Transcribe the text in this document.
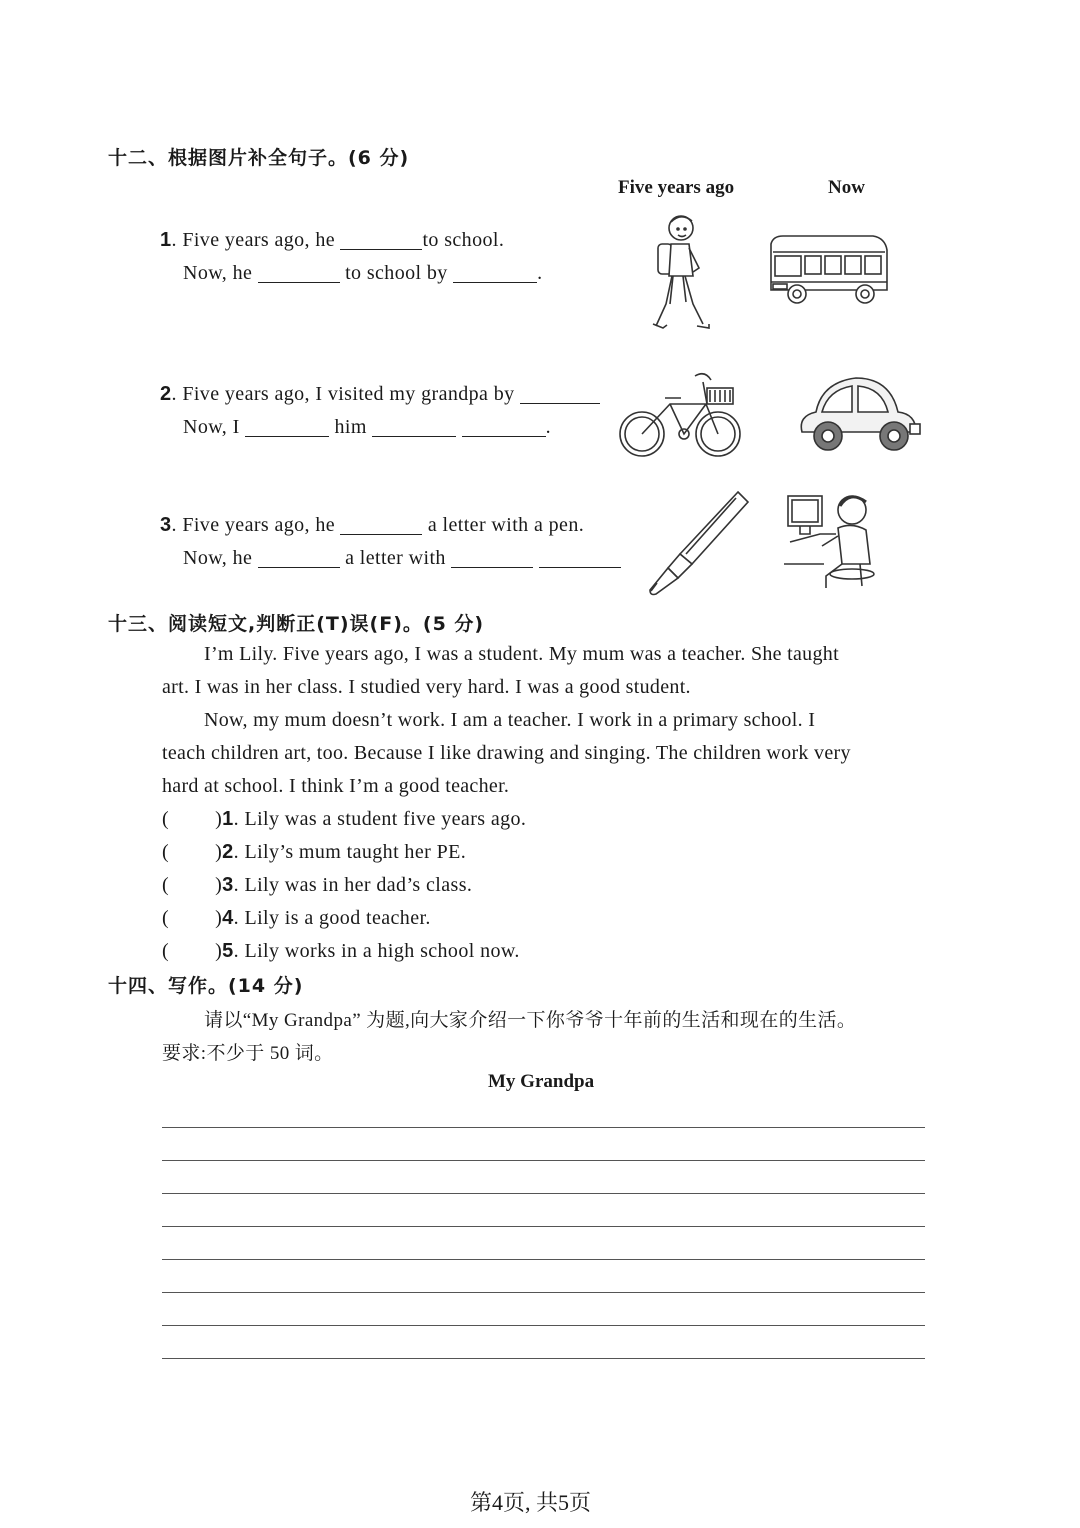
十二、根据图片补全句子。(6 分)
Five years ago	Now
1. Five years ago, he	to school.
Now, he	to school by	.
2. Five years ago, I visited my grandpa by
Now, I	him	.
3. Five years ago, he	a letter with a pen.
Now, he	a letter with
十三、阅读短文,判断正(T)误(F)。(5 分)
I’m Lily. Five years ago, I was a student. My mum was a teacher. She taught
art. I was in her class. I studied very hard. I was a good student.
Now, my mum doesn’t work. I am a teacher. I work in a primary school. I
teach children art, too. Because I like drawing and singing. The children work very
hard at school. I think I’m a good teacher.
( )1. Lily was a student five years ago.
( )2. Lily’s mum taught her PE.
( )3. Lily was in her dad’s class.
( )4. Lily is a good teacher.
( )5. Lily works in a high school now.
十四、写作。(14 分)
请以“My Grandpa” 为题,向大家介绍一下你爷爷十年前的生活和现在的生活。
要求:不少于 50 词。
My Grandpa
第4页, 共5页
